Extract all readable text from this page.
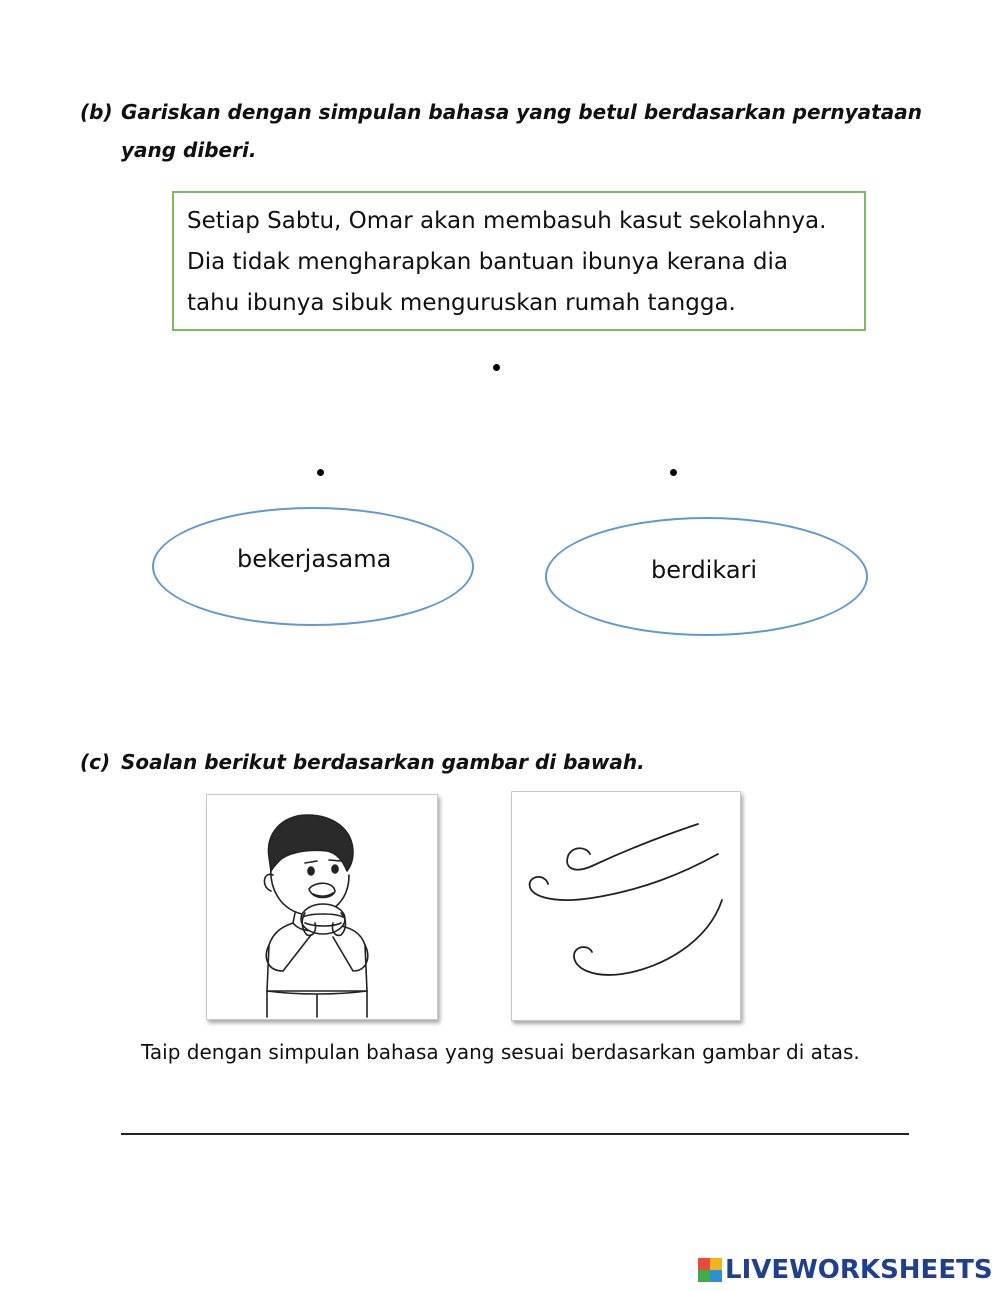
(b) Gariskan dengan simpulan bahasa yang betul berdasarkan pernyataan
yang diberi.
Setiap Sabtu, Omar akan membasuh kasut sekolahnya.
Dia tidak mengharapkan bantuan ibunya kerana dia
tahu ibunya sibuk menguruskan rumah tangga.
bekerjasama	berdikari
(c) Soalan berikut berdasarkan gambar di bawah.
Taip dengan simpulan bahasa yang sesuai berdasarkan gambar di atas.
LIVEWORKSHEETS
